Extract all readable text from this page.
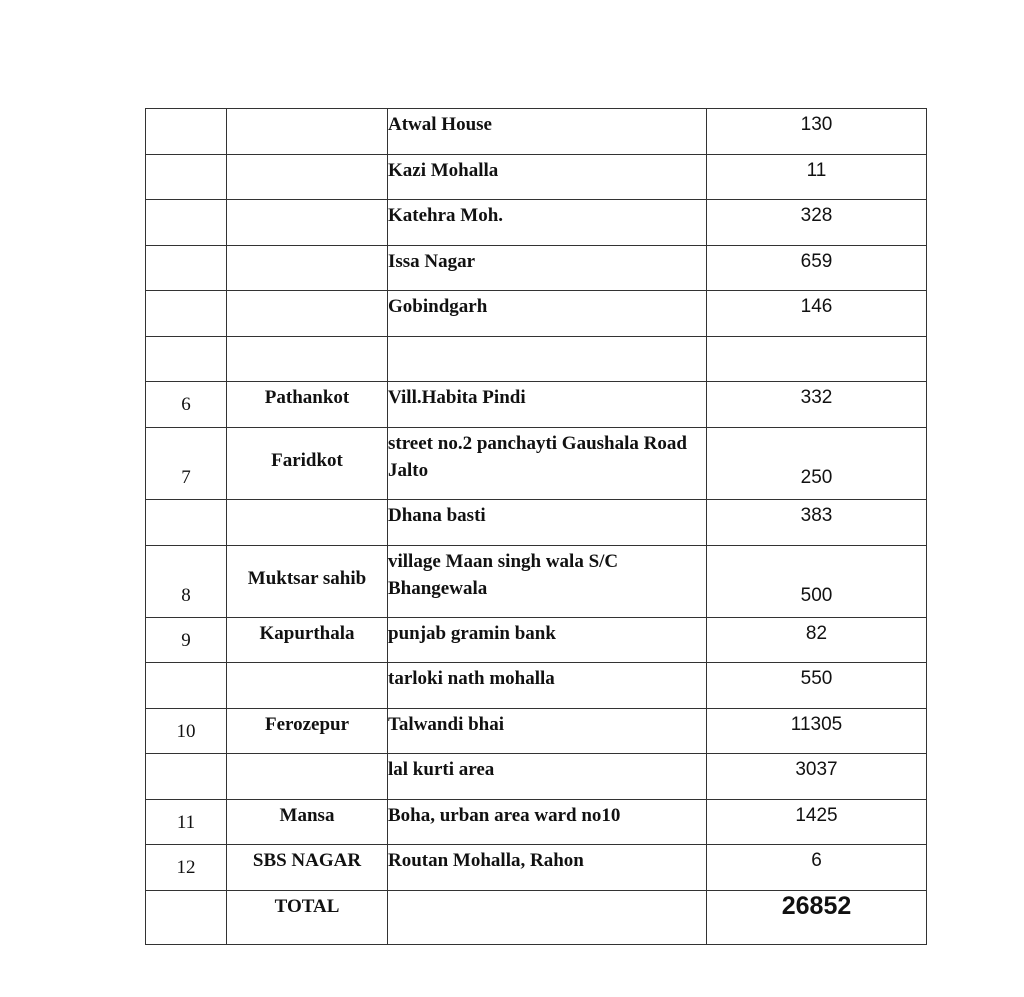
		Atwal House	130
		Kazi Mohalla	11
		Katehra Moh.	328
		Issa Nagar	659
		Gobindgarh	146

6	Pathankot	Vill.Habita Pindi	332
7	Faridkot	street no.2 panchayti Gaushala Road Jalto	250
		Dhana basti	383
8	Muktsar sahib	village Maan singh wala S/C Bhangewala	500
9	Kapurthala	punjab gramin bank	82
		tarloki nath mohalla	550
10	Ferozepur	Talwandi bhai	11305
		lal kurti area	3037
11	Mansa	Boha, urban area ward no10	1425
12	SBS NAGAR	Routan Mohalla, Rahon	6
	TOTAL		26852
